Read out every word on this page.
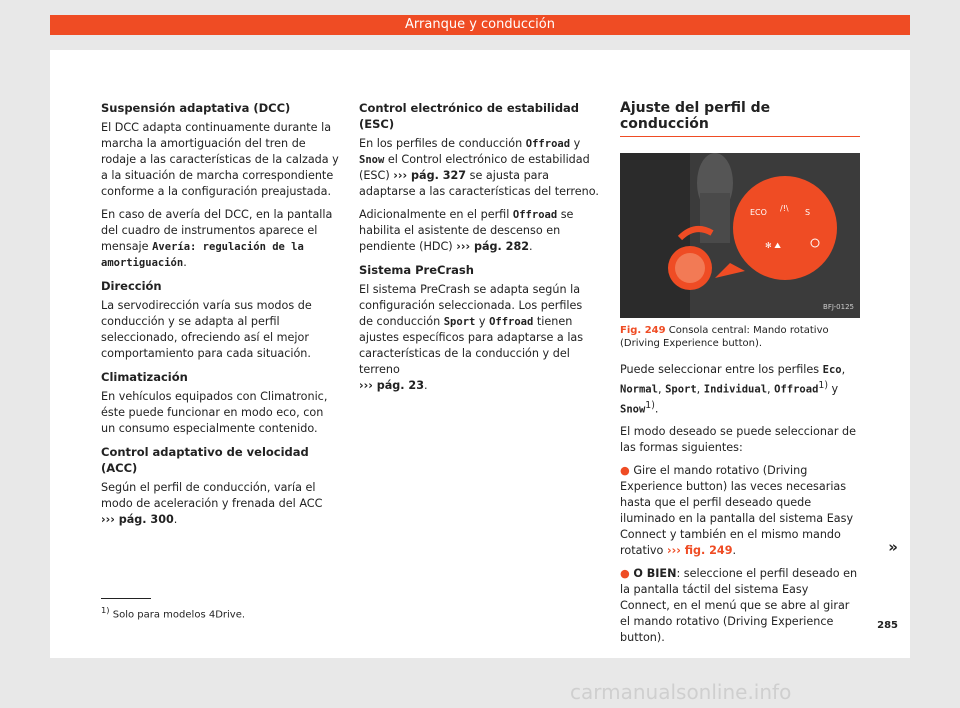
Arranque y conducción
Suspensión adaptativa (DCC)

El DCC adapta continuamente durante la marcha la amortiguación del tren de rodaje a las características de la calzada y a la situación de marcha correspondiente conforme a la configuración preajustada.

En caso de avería del DCC, en la pantalla del cuadro de instrumentos aparece el mensaje Avería: regulación de la amortiguación.

Dirección

La servodirección varía sus modos de conducción y se adapta al perfil seleccionado, ofreciendo así el mejor comportamiento para cada situación.

Climatización

En vehículos equipados con Climatronic, éste puede funcionar en modo eco, con un consumo especialmente contenido.

Control adaptativo de velocidad (ACC)

Según el perfil de conducción, varía el modo de aceleración y frenada del ACC
››› pág. 300.

Control electrónico de estabilidad (ESC)

En los perfiles de conducción Offroad y Snow el Control electrónico de estabilidad (ESC) ››› pág. 327 se ajusta para adaptarse a las características del terreno.

Adicionalmente en el perfil Offroad se habilita el asistente de descenso en pendiente (HDC) ››› pág. 282.

Sistema PreCrash

El sistema PreCrash se adapta según la configuración seleccionada. Los perfiles de conducción Sport y Offroad tienen ajustes específicos para adaptarse a las características de la conducción y del terreno
››› pág. 23.

Ajuste del perfil de conducción
ECO /!\ S
✻ ⛰
BFJ-0125
Fig. 249 Consola central: Mando rotativo (Driving Experience button).

Puede seleccionar entre los perfiles Eco, Normal, Sport, Individual, Offroad$^{1)}$ y Snow$^{1)}$.

El modo deseado se puede seleccionar de las formas siguientes:

● Gire el mando rotativo (Driving Experience button) las veces necesarias hasta que el perfil deseado quede iluminado en la pantalla del sistema Easy Connect y también en el mismo mando rotativo ››› fig. 249.

● O BIEN: seleccione el perfil deseado en la pantalla táctil del sistema Easy Connect, en el menú que se abre al girar el mando rotativo (Driving Experience button).

»
$^{1)}$ Solo para modelos 4Drive.
285
carmanualsonline.info
